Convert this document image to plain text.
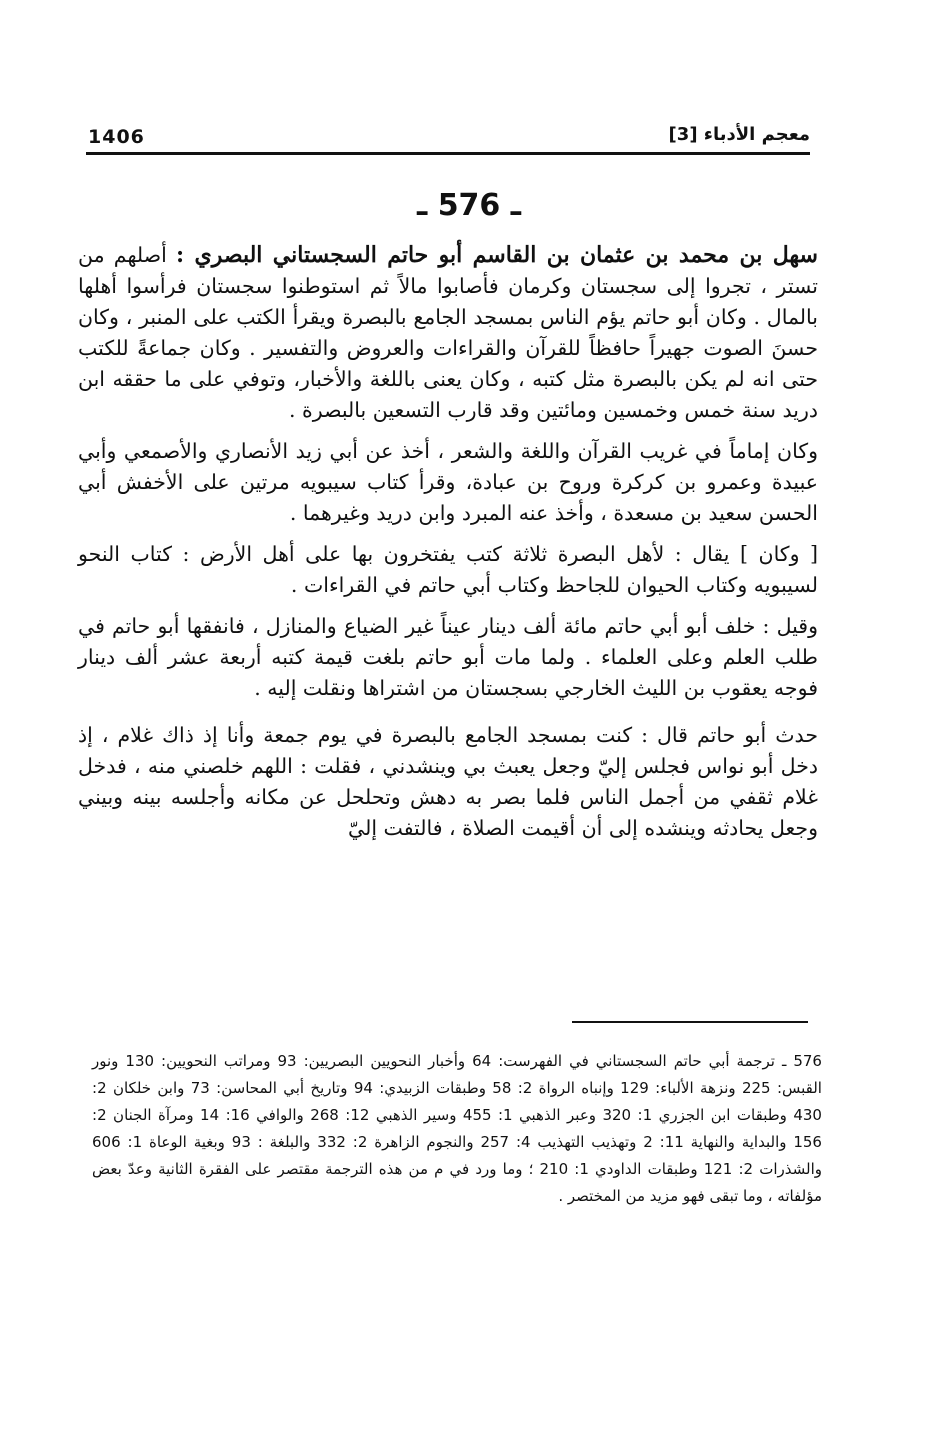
1406	معجم الأدباء [3]
ـ 576 ـ

سهل بن محمد بن عثمان بن القاسم أبو حاتم السجستاني البصري : أصلهم من تستر ، تجروا إلى سجستان وكرمان فأصابوا مالاً ثم استوطنوا سجستان فرأسوا أهلها بالمال . وكان أبو حاتم يؤم الناس بمسجد الجامع بالبصرة ويقرأ الكتب على المنبر ، وكان حسنَ الصوت جهيراً حافظاً للقرآن والقراءات والعروض والتفسير . وكان جماعةً للكتب حتى انه لم يكن بالبصرة مثل كتبه ، وكان يعنى باللغة والأخبار، وتوفي على ما حققه ابن دريد سنة خمس وخمسين ومائتين وقد قارب التسعين بالبصرة .

وكان إماماً في غريب القرآن واللغة والشعر ، أخذ عن أبي زيد الأنصاري والأصمعي وأبي عبيدة وعمرو بن كركرة وروح بن عبادة، وقرأ كتاب سيبويه مرتين على الأخفش أبي الحسن سعيد بن مسعدة ، وأخذ عنه المبرد وابن دريد وغيرهما .

[ وكان ] يقال : لأهل البصرة ثلاثة كتب يفتخرون بها على أهل الأرض : كتاب النحو لسيبويه وكتاب الحيوان للجاحظ وكتاب أبي حاتم في القراءات .

وقيل : خلف أبو أبي حاتم مائة ألف دينار عيناً غير الضياع والمنازل ، فانفقها أبو حاتم في طلب العلم وعلى العلماء . ولما مات أبو حاتم بلغت قيمة كتبه أربعة عشر ألف دينار فوجه يعقوب بن الليث الخارجي بسجستان من اشتراها ونقلت إليه .

حدث أبو حاتم قال : كنت بمسجد الجامع بالبصرة في يوم جمعة وأنا إذ ذاك غلام ، إذ دخل أبو نواس فجلس إليّ وجعل يعبث بي وينشدني ، فقلت : اللهم خلصني منه ، فدخل غلام ثقفي من أجمل الناس فلما بصر به دهش وتحلحل عن مكانه وأجلسه بينه وبيني وجعل يحادثه وينشده إلى أن أقيمت الصلاة ، فالتفت إليّ

576 ـ ترجمة أبي حاتم السجستاني في الفهرست: 64 وأخبار النحويين البصريين: 93 ومراتب النحويين: 130 ونور القبس: 225 ونزهة الألباء: 129 وإنباه الرواة 2: 58 وطبقات الزبيدي: 94 وتاريخ أبي المحاسن: 73 وابن خلكان 2: 430 وطبقات ابن الجزري 1: 320 وعبر الذهبي 1: 455 وسير الذهبي 12: 268 والوافي 16: 14 ومرآة الجنان 2: 156 والبداية والنهاية 11: 2 وتهذيب التهذيب 4: 257 والنجوم الزاهرة 2: 332 والبلغة : 93 وبغية الوعاة 1: 606 والشذرات 2: 121 وطبقات الداودي 1: 210 ؛ وما ورد في م من هذه الترجمة مقتصر على الفقرة الثانية وعدّ بعض مؤلفاته ، وما تبقى فهو مزيد من المختصر .
